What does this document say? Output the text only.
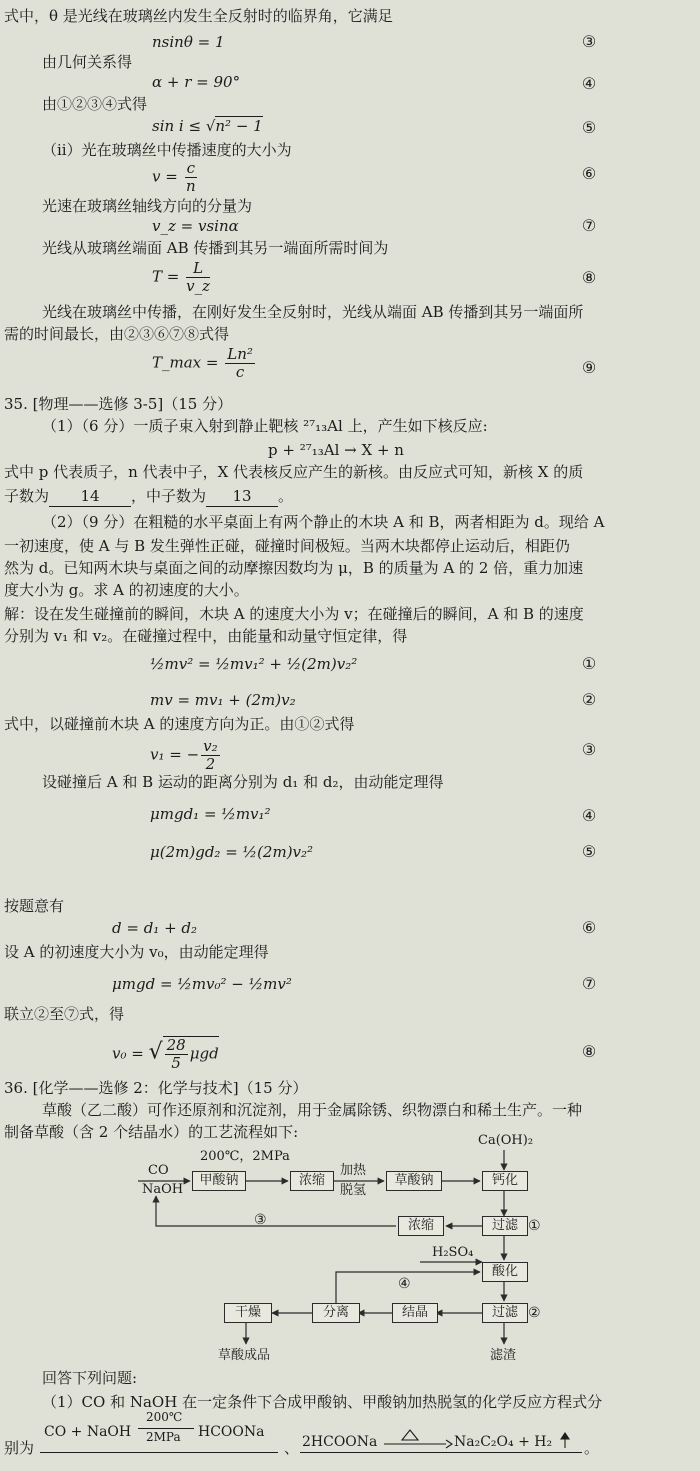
式中，θ 是光线在玻璃丝内发生全反射时的临界角，它满足
nsinθ = 1	③
由几何关系得
α + r = 90°	④
由①②③④式得
sin i ≤ √n² − 1	⑤
（ii）光在玻璃丝中传播速度的大小为
$v = \frac{c}{n}$	⑥
光速在玻璃丝轴线方向的分量为
v_z = vsinα	⑦
光线从玻璃丝端面 AB 传播到其另一端面所需时间为
$T = \frac{L}{v\_z}$	⑧
光线在玻璃丝中传播，在刚好发生全反射时，光线从端面 AB 传播到其另一端面所
需的时间最长，由②③⑥⑦⑧式得
T_max = $\frac{\text{Ln²}}{c}$	⑨
35. [物理——选修 3-5]（15 分）
（1）（6 分）一质子束入射到静止靶核 ²⁷₁₃Al 上，产生如下核反应:
p + ²⁷₁₃Al → X + n
式中 p 代表质子，n 代表中子，X 代表核反应产生的新核。由反应式可知，新核 X 的质
子数为 14 ，中子数为 13 。
（2）（9 分）在粗糙的水平桌面上有两个静止的木块 A 和 B，两者相距为 d。现给 A
一初速度，使 A 与 B 发生弹性正碰，碰撞时间极短。当两木块都停止运动后，相距仍
然为 d。已知两木块与桌面之间的动摩擦因数均为 μ，B 的质量为 A 的 2 倍，重力加速
度大小为 g。求 A 的初速度的大小。
解：设在发生碰撞前的瞬间，木块 A 的速度大小为 v；在碰撞后的瞬间，A 和 B 的速度
分别为 v₁ 和 v₂。在碰撞过程中，由能量和动量守恒定律，得
½mv² = ½mv₁² + ½(2m)v₂²	①
mv = mv₁ + (2m)v₂	②
式中，以碰撞前木块 A 的速度方向为正。由①②式得
v₁ = − $\frac{\text{v₂}}{2}$	③
设碰撞后 A 和 B 运动的距离分别为 d₁ 和 d₂，由动能定理得
μmgd₁ = ½mv₁²	④
μ(2m)gd₂ = ½(2m)v₂²	⑤
按题意有
d = d₁ + d₂	⑥
设 A 的初速度大小为 v₀，由动能定理得
μmgd = ½mv₀² − ½mv²	⑦
联立②至⑦式，得
v₀ = √ $\frac{28}{5}$ μgd	⑧
36. [化学——选修 2：化学与技术]（15 分）
草酸（乙二酸）可作还原剂和沉淀剂，用于金属除锈、织物漂白和稀土生产。一种
制备草酸（含 2 个结晶水）的工艺流程如下:
CO
NaOH
200℃，2MPa
甲酸钠	浓缩
加热
脱氢
草酸钠
Ca(OH)₂
钙化
过滤 ①
浓缩
③
H₂SO₄
酸化
④
干燥	分离	结晶	过滤 ②
草酸成品	滤渣
回答下列问题:
（1）CO 和 NaOH 在一定条件下合成甲酸钠、甲酸钠加热脱氢的化学反应方程式分
别为
CO + NaOH
200℃
2MPa HCOONa
、 2HCOONa	Na₂C₂O₄ + H₂ 。
